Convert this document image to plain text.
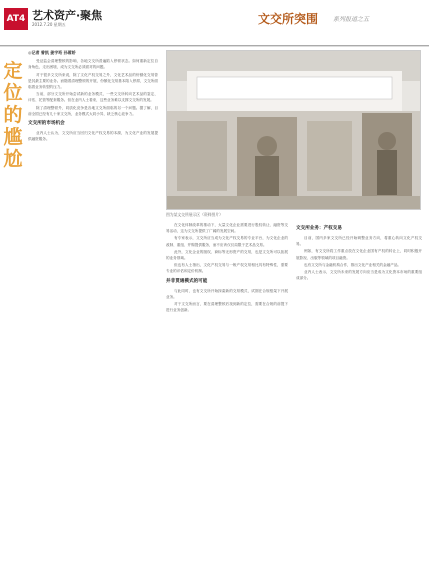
AT4 艺术资产·聚焦
2012.7.20 星期五	文交所突围 系列报道之五
定
位
的
尴
尬
◎记者 曾凯 姜宇珩 孙蓉娇

受证监会清理整顿的影响，各地文交所普遍陷入停顿状态。如何重新定位自身角色，走出困境，成为文交所必须面对的问题。

对于很多文交所来说，除了文化产权交易之外，文化艺术品的份额化交易曾是其最主要的业务。而随着清理整顿的开展，份额化交易基本陷入停滞，文交所面临着业务转型的压力。

当前，部分文交所开始尝试新的业务模式，一些文交所转向艺术品的鉴定、评估、托管等配套服务。但在业内人士看来，这些业务难以支撑文交所的发展。

除了清理整顿外，同质化竞争是各地文交所面临的另一个问题。据了解，目前全国已经有几十家文交所，业务模式大同小异，缺乏核心竞争力。

文交所的市场机会

业内人士认为，文交所应当回归文化产权交易的本源，为文化产业的发展提供融资服务。

图为某文交所展示区（资料图片）

在文化体制改革的推动下，大量文化企业需要进行股权转让、融资等交易活动，这为文交所提供了广阔的发展空间。

有专家表示，文交所应当成为文化产权交易的专业平台，为文化企业的改制、重组、并购提供服务，而不应该仅仅局限于艺术品交易。

此外，文化企业的版权、商标等无形资产的交易，也是文交所可以拓展的业务领域。

但也有人士指出，文化产权交易与一般产权交易相比具有特殊性，需要专业的评估和定价机制。

并非贯通模式的可能

与此同时，也有文交所开始探索新的交易模式，试图在合规框架下开展业务。

对于文交所而言，要在清理整顿后找到新的定位，需要在合规的前提下进行业务创新。

文交所业务：产权交易

目前，国内多家文交所已经开始调整业务方向，将重心转向文化产权交易。

例如，有文交所将工作重点放在文化企业国有产权的转让上，同时积极开展影视、出版等领域的项目融资。

也有文交所与金融机构合作，推出文化产业相关的金融产品。

业内人士表示，文交所未来的发展方向应当是成为文化资本市场的重要组成部分。
